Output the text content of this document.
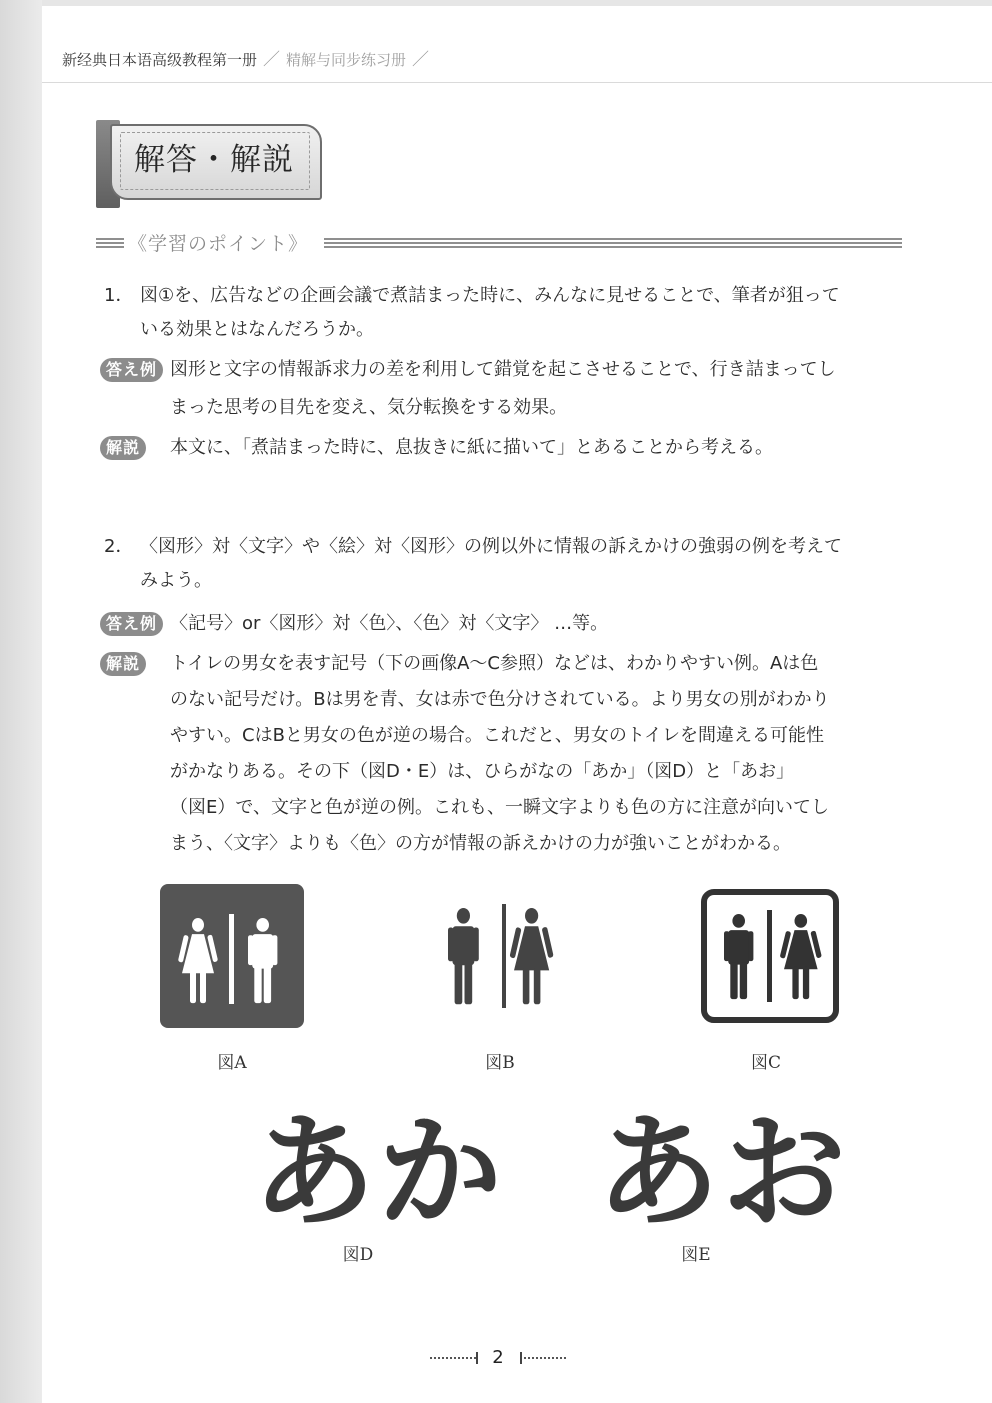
新经典日本语高级教程第一册 ／ 精解与同步练习册 ／
解答・解説
《学習のポイント》
1． 図①を、広告などの企画会議で煮詰まった時に、みんなに見せることで、筆者が狙って
いる効果とはなんだろうか。
答え例 図形と文字の情報訴求力の差を利用して錯覚を起こさせることで、行き詰まってし
まった思考の目先を変え、気分転換をする効果。
解説	本文に、「煮詰まった時に、息抜きに紙に描いて」とあることから考える。
2． 〈図形〉対〈文字〉や〈絵〉対〈図形〉の例以外に情報の訴えかけの強弱の例を考えて
みよう。
答え例 〈記号〉or〈図形〉対〈色〉、〈色〉対〈文字〉 …等。
解説	トイレの男女を表す記号（下の画像A～C参照）などは、わかりやすい例。Aは色
のない記号だけ。Bは男を青、女は赤で色分けされている。より男女の別がわかり
やすい。CはBと男女の色が逆の場合。これだと、男女のトイレを間違える可能性
がかなりある。その下（図D・E）は、ひらがなの「あか」（図D）と「あお」
（図E）で、文字と色が逆の例。これも、一瞬文字よりも色の方に注意が向いてし
まう、〈文字〉よりも〈色〉の方が情報の訴えかけの力が強いことがわかる。
図A	図B	図C
あか
図D
あお
図E
2
